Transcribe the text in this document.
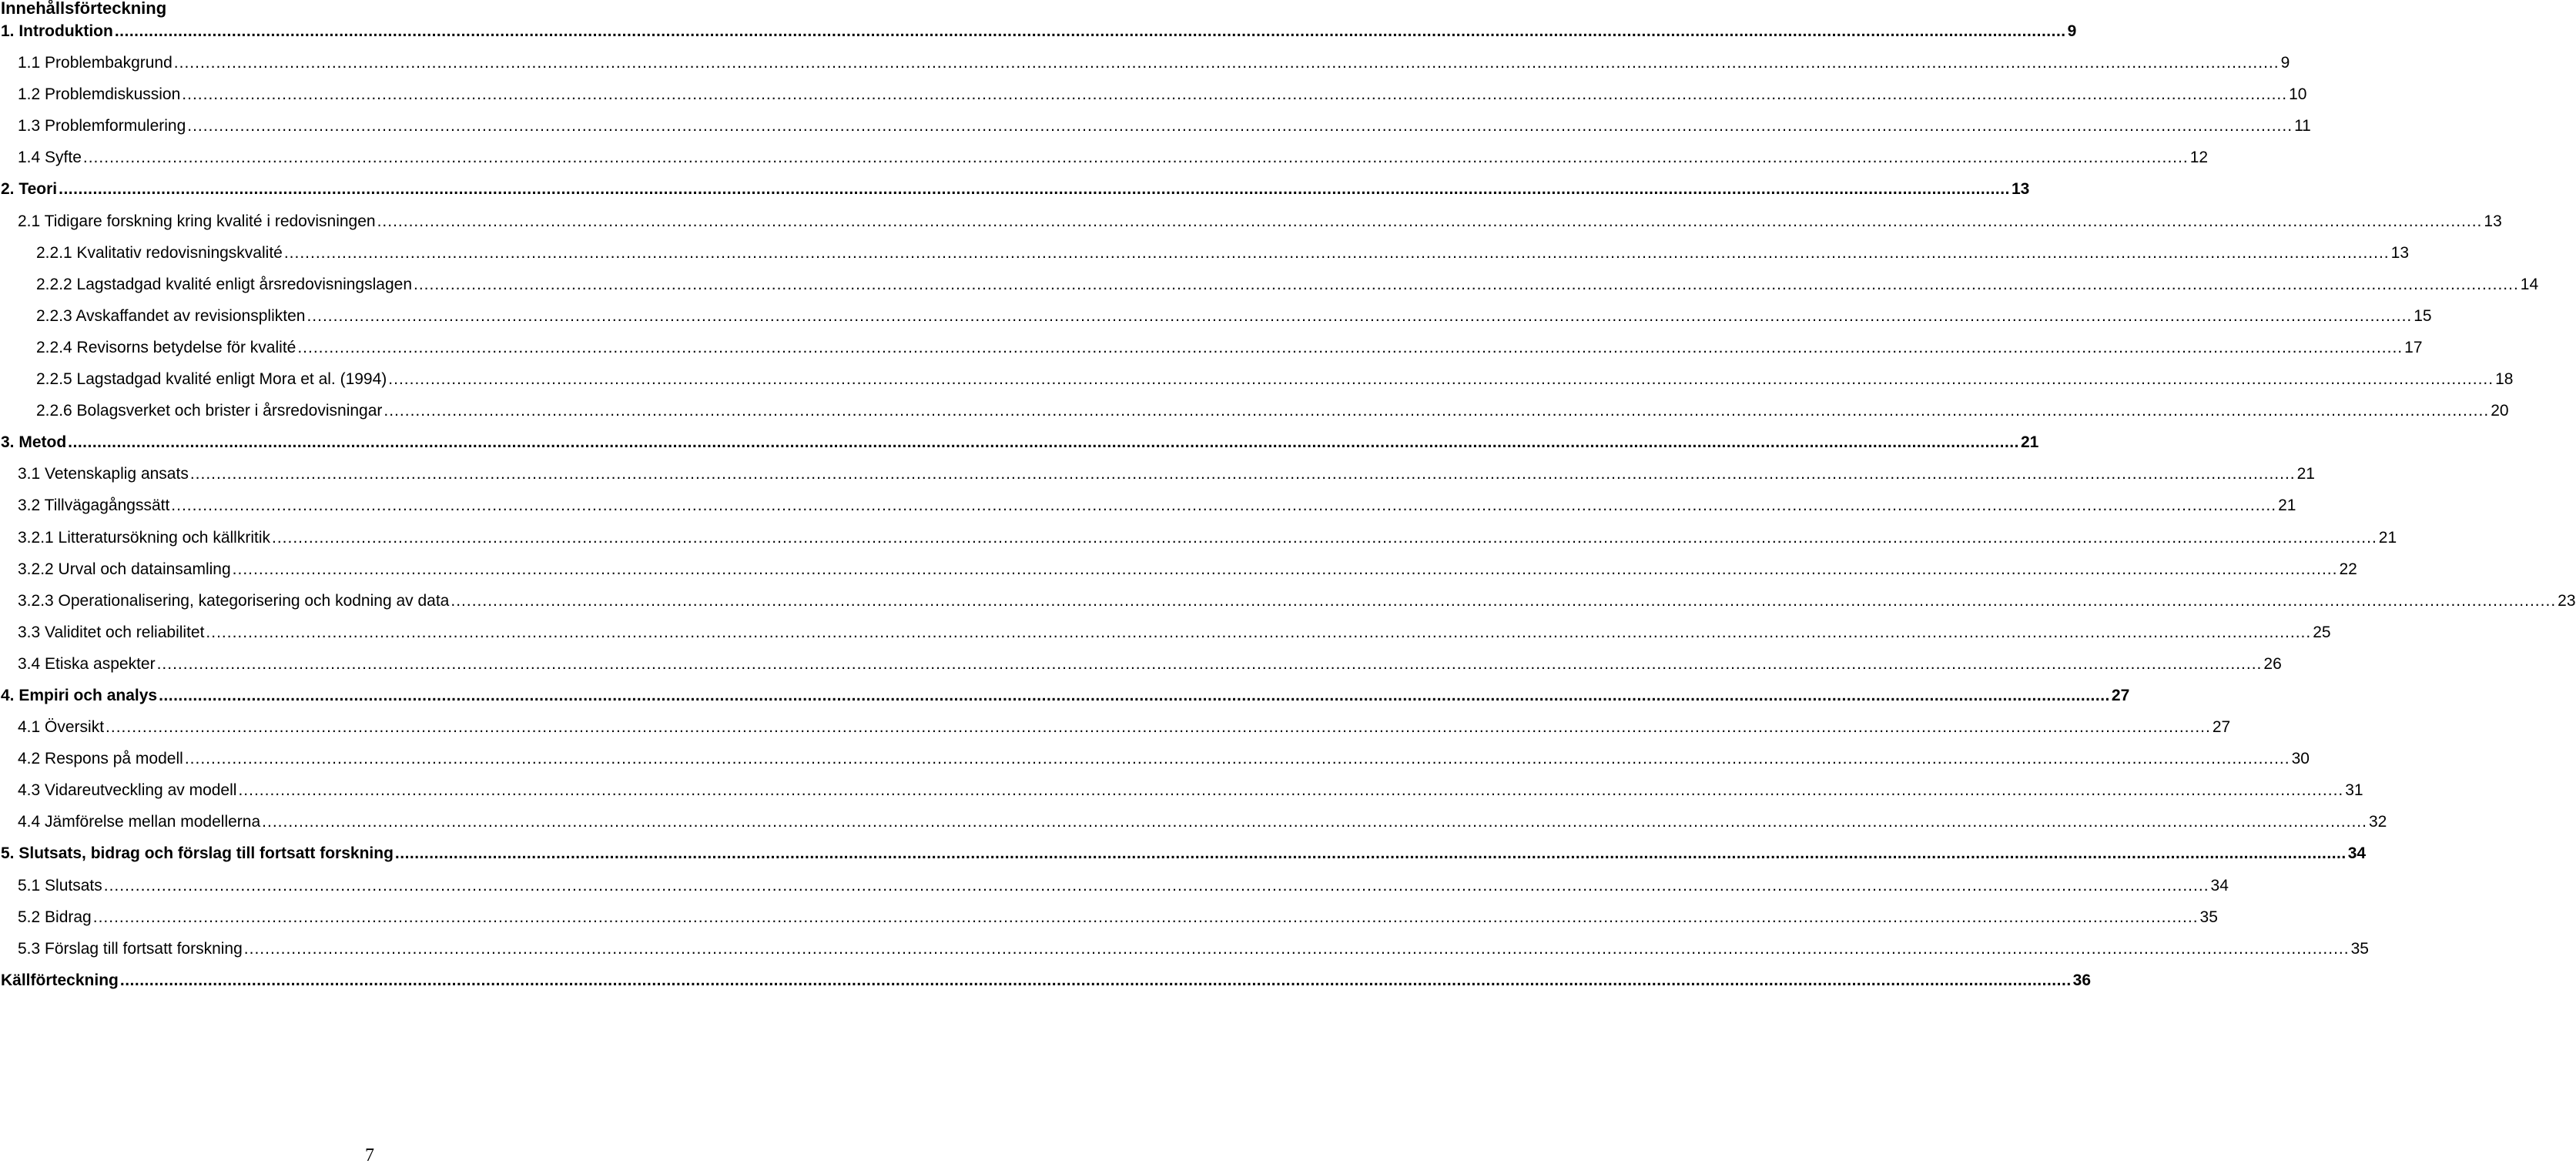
Innehållsförteckning
1. Introduktion ................................................................................................................................................................................................................................................................................................................................................................................................................ 9
1.1 Problembakgrund ................................................................................................................................................................................................................................................................................................................................................................................................................ 9
1.2 Problemdiskussion ................................................................................................................................................................................................................................................................................................................................................................................................................ 10
1.3 Problemformulering ................................................................................................................................................................................................................................................................................................................................................................................................................ 11
1.4 Syfte ................................................................................................................................................................................................................................................................................................................................................................................................................ 12
2. Teori ................................................................................................................................................................................................................................................................................................................................................................................................................ 13
2.1 Tidigare forskning kring kvalité i redovisningen ................................................................................................................................................................................................................................................................................................................................................................................................................ 13
2.2.1 Kvalitativ redovisningskvalité ................................................................................................................................................................................................................................................................................................................................................................................................................ 13
2.2.2 Lagstadgad kvalité enligt årsredovisningslagen ................................................................................................................................................................................................................................................................................................................................................................................................................ 14
2.2.3 Avskaffandet av revisionsplikten ................................................................................................................................................................................................................................................................................................................................................................................................................ 15
2.2.4 Revisorns betydelse för kvalité ................................................................................................................................................................................................................................................................................................................................................................................................................ 17
2.2.5 Lagstadgad kvalité enligt Mora et al. (1994) ................................................................................................................................................................................................................................................................................................................................................................................................................ 18
2.2.6 Bolagsverket och brister i årsredovisningar ................................................................................................................................................................................................................................................................................................................................................................................................................ 20
3. Metod ................................................................................................................................................................................................................................................................................................................................................................................................................ 21
3.1 Vetenskaplig ansats ................................................................................................................................................................................................................................................................................................................................................................................................................ 21
3.2 Tillvägagångssätt ................................................................................................................................................................................................................................................................................................................................................................................................................ 21
3.2.1 Litteratursökning och källkritik ................................................................................................................................................................................................................................................................................................................................................................................................................ 21
3.2.2 Urval och datainsamling ................................................................................................................................................................................................................................................................................................................................................................................................................ 22
3.2.3 Operationalisering, kategorisering och kodning av data ................................................................................................................................................................................................................................................................................................................................................................................................................ 23
3.3 Validitet och reliabilitet ................................................................................................................................................................................................................................................................................................................................................................................................................ 25
3.4 Etiska aspekter ................................................................................................................................................................................................................................................................................................................................................................................................................ 26
4. Empiri och analys ................................................................................................................................................................................................................................................................................................................................................................................................................ 27
4.1 Översikt ................................................................................................................................................................................................................................................................................................................................................................................................................ 27
4.2 Respons på modell ................................................................................................................................................................................................................................................................................................................................................................................................................ 30
4.3 Vidareutveckling av modell ................................................................................................................................................................................................................................................................................................................................................................................................................ 31
4.4 Jämförelse mellan modellerna ................................................................................................................................................................................................................................................................................................................................................................................................................ 32
5. Slutsats, bidrag och förslag till fortsatt forskning ................................................................................................................................................................................................................................................................................................................................................................................................................ 34
5.1 Slutsats ................................................................................................................................................................................................................................................................................................................................................................................................................ 34
5.2 Bidrag ................................................................................................................................................................................................................................................................................................................................................................................................................ 35
5.3 Förslag till fortsatt forskning ................................................................................................................................................................................................................................................................................................................................................................................................................ 35
Källförteckning ................................................................................................................................................................................................................................................................................................................................................................................................................ 36
7
